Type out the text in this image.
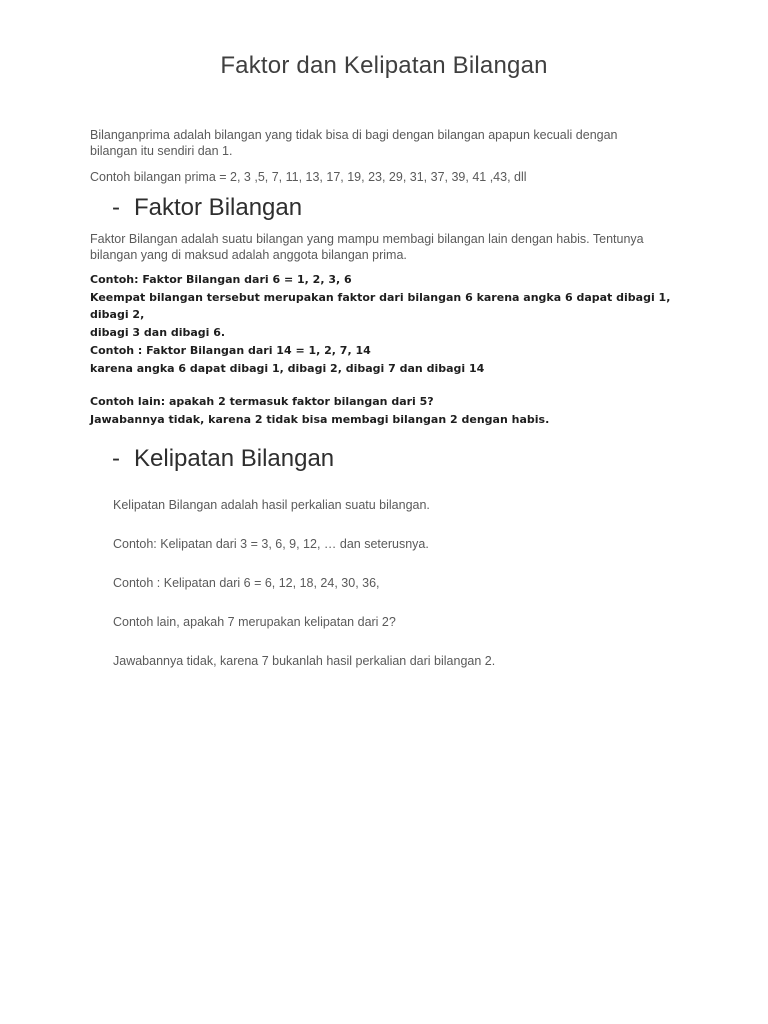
Faktor dan Kelipatan Bilangan
Bilanganprima adalah bilangan yang tidak bisa di bagi dengan bilangan apapun kecuali dengan
bilangan itu sendiri dan 1.
Contoh bilangan prima = 2, 3 ,5, 7, 11, 13, 17, 19, 23, 29, 31, 37, 39, 41 ,43, dll
- Faktor Bilangan
Faktor Bilangan adalah suatu bilangan yang mampu membagi bilangan lain dengan habis. Tentunya
bilangan yang di maksud adalah anggota bilangan prima.
Contoh: Faktor Bilangan dari 6 = 1, 2, 3, 6
Keempat bilangan tersebut merupakan faktor dari bilangan 6 karena angka 6 dapat dibagi 1, dibagi 2,
dibagi 3 dan dibagi 6.
Contoh : Faktor Bilangan dari 14 = 1, 2, 7, 14
karena angka 6 dapat dibagi 1, dibagi 2, dibagi 7 dan dibagi 14
Contoh lain: apakah 2 termasuk faktor bilangan dari 5?
Jawabannya tidak, karena 2 tidak bisa membagi bilangan 2 dengan habis.
- Kelipatan Bilangan
Kelipatan Bilangan adalah hasil perkalian suatu bilangan.
Contoh: Kelipatan dari 3 = 3, 6, 9, 12, … dan seterusnya.
Contoh : Kelipatan dari 6 = 6, 12, 18, 24, 30, 36,
Contoh lain, apakah 7 merupakan kelipatan dari 2?
Jawabannya tidak, karena 7 bukanlah hasil perkalian dari bilangan 2.
